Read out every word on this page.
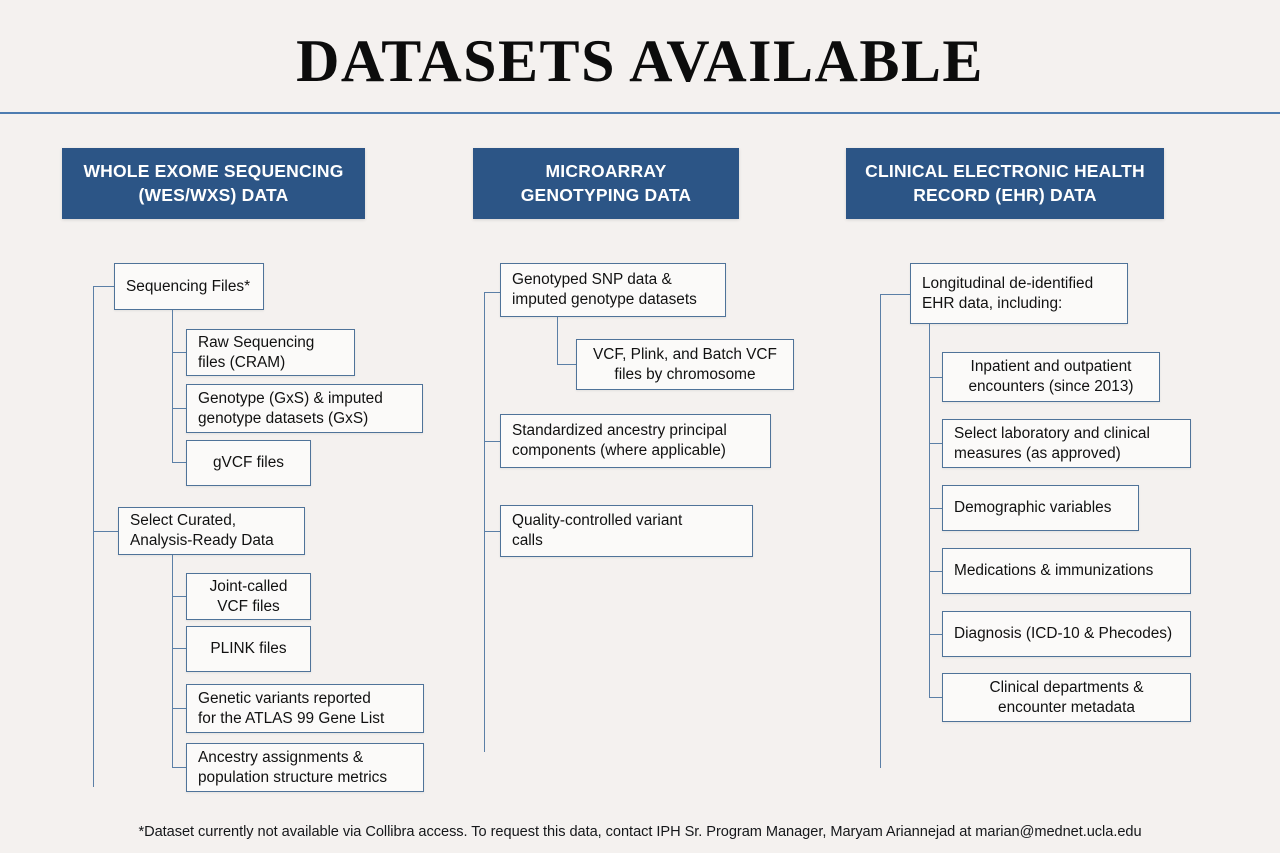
DATASETS AVAILABLE
WHOLE EXOME SEQUENCING
(WES/WXS) DATA
MICROARRAY
GENOTYPING DATA
CLINICAL ELECTRONIC HEALTH
RECORD (EHR) DATA
Sequencing Files*
Raw Sequencing
files (CRAM)
Genotype (GxS) & imputed
genotype datasets (GxS)
gVCF files
Select Curated,
Analysis-Ready Data
Joint-called
VCF files
PLINK files
Genetic variants reported
for the ATLAS 99 Gene List
Ancestry assignments &
population structure metrics
Genotyped SNP data &
imputed genotype datasets
VCF, Plink, and Batch VCF
files by chromosome
Standardized ancestry principal
components (where applicable)
Quality-controlled variant
calls
Longitudinal de-identified
EHR data, including:
Inpatient and outpatient
encounters (since 2013)
Select laboratory and clinical
measures (as approved)
Demographic variables
Medications & immunizations
Diagnosis (ICD-10 & Phecodes)
Clinical departments &
encounter metadata
*Dataset currently not available via Collibra access. To request this data, contact IPH Sr. Program Manager, Maryam Ariannejad at marian@mednet.ucla.edu
